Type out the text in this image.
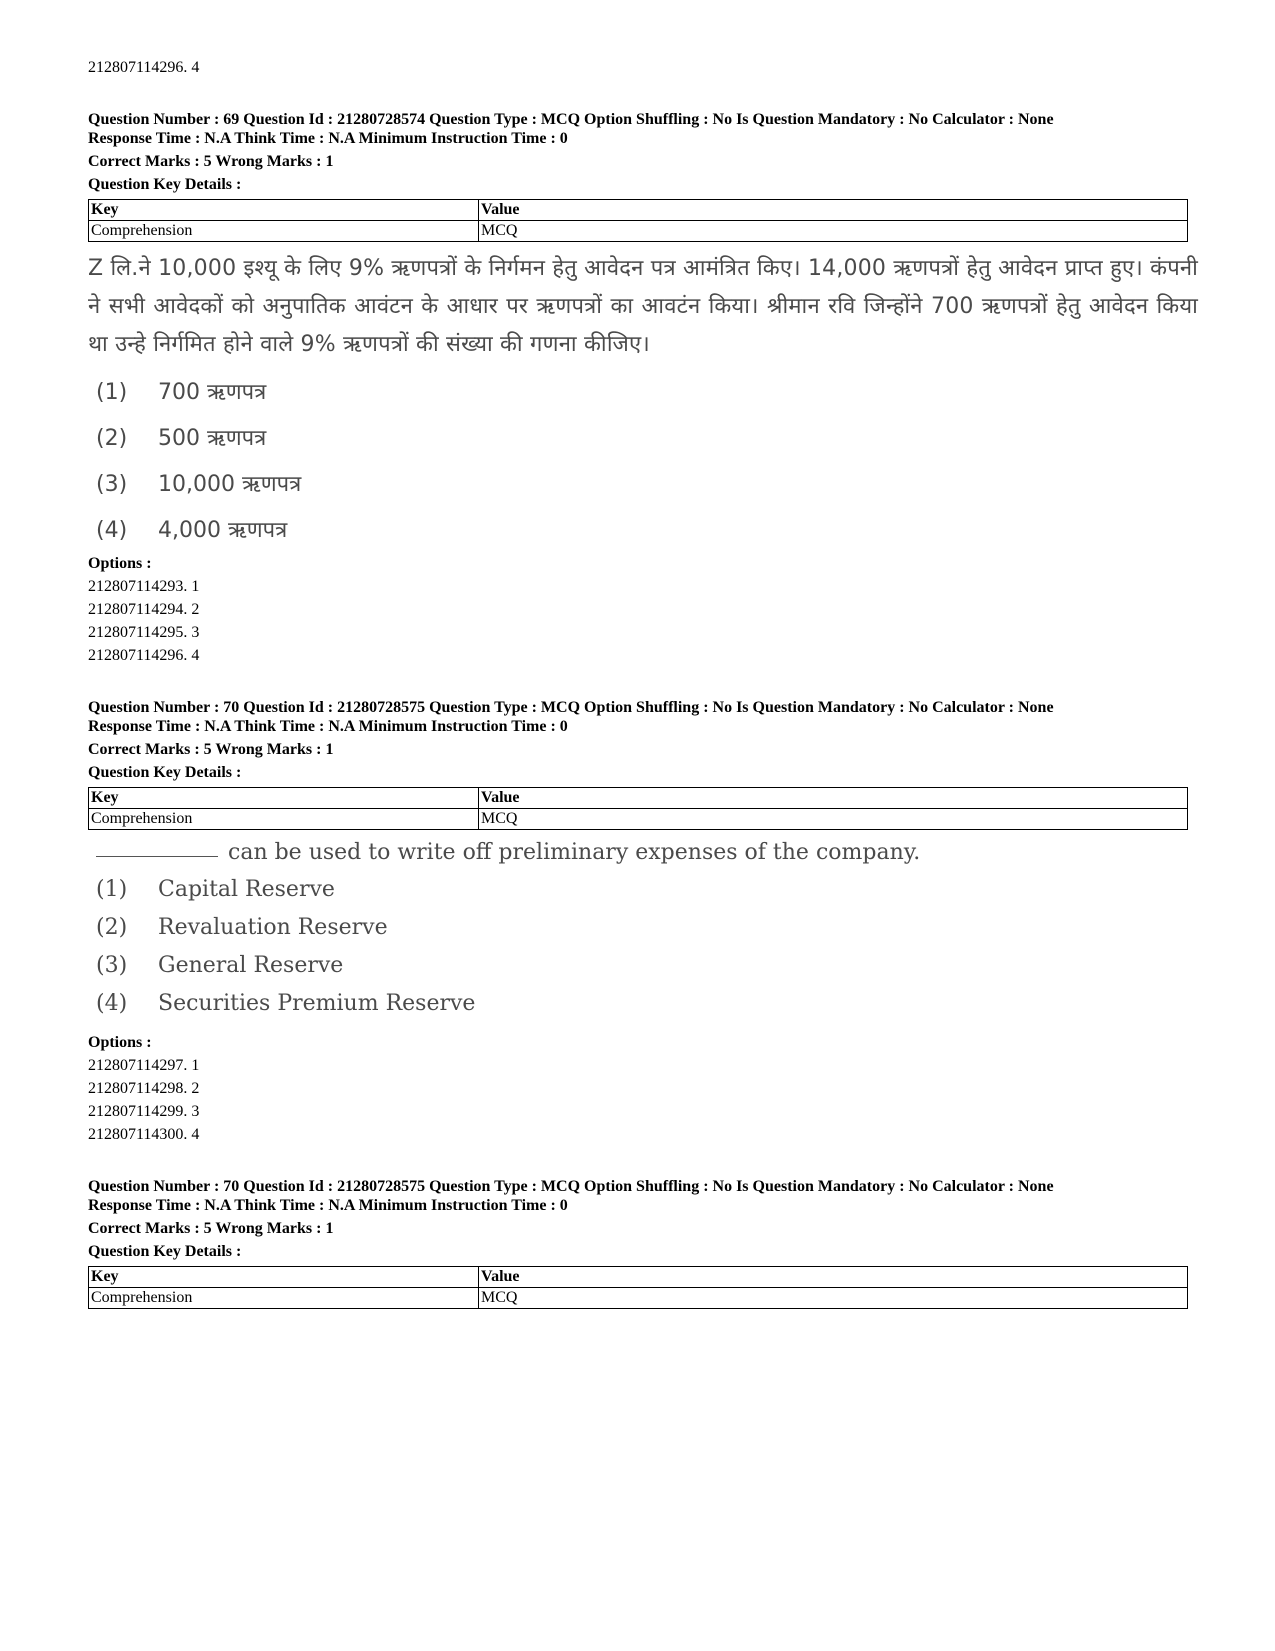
212807114296. 4
Question Number : 69 Question Id : 21280728574 Question Type : MCQ Option Shuffling : No Is Question Mandatory : No Calculator : None
Response Time : N.A Think Time : N.A Minimum Instruction Time : 0
Correct Marks : 5 Wrong Marks : 1
Question Key Details :
Key	Value
Comprehension	MCQ
Z लि.ने 10,000 इश्यू के लिए 9% ऋणपत्रों के निर्गमन हेतु आवेदन पत्र आमंत्रित किए। 14,000 ऋणपत्रों हेतु आवेदन प्राप्त हुए। कंपनी ने सभी आवेदकों को अनुपातिक आवंटन के आधार पर ऋणपत्रों का आवटंन किया। श्रीमान रवि जिन्होंने 700 ऋणपत्रों हेतु आवेदन किया था उन्हे निर्गमित होने वाले 9% ऋणपत्रों की संख्या की गणना कीजिए।
(1) 700 ऋणपत्र
(2) 500 ऋणपत्र
(3) 10,000 ऋणपत्र
(4) 4,000 ऋणपत्र
Options :
212807114293. 1
212807114294. 2
212807114295. 3
212807114296. 4
Question Number : 70 Question Id : 21280728575 Question Type : MCQ Option Shuffling : No Is Question Mandatory : No Calculator : None
Response Time : N.A Think Time : N.A Minimum Instruction Time : 0
Correct Marks : 5 Wrong Marks : 1
Question Key Details :
Key	Value
Comprehension	MCQ
can be used to write off preliminary expenses of the company.
(1) Capital Reserve
(2) Revaluation Reserve
(3) General Reserve
(4) Securities Premium Reserve
Options :
212807114297. 1
212807114298. 2
212807114299. 3
212807114300. 4
Question Number : 70 Question Id : 21280728575 Question Type : MCQ Option Shuffling : No Is Question Mandatory : No Calculator : None
Response Time : N.A Think Time : N.A Minimum Instruction Time : 0
Correct Marks : 5 Wrong Marks : 1
Question Key Details :
Key	Value
Comprehension	MCQ
